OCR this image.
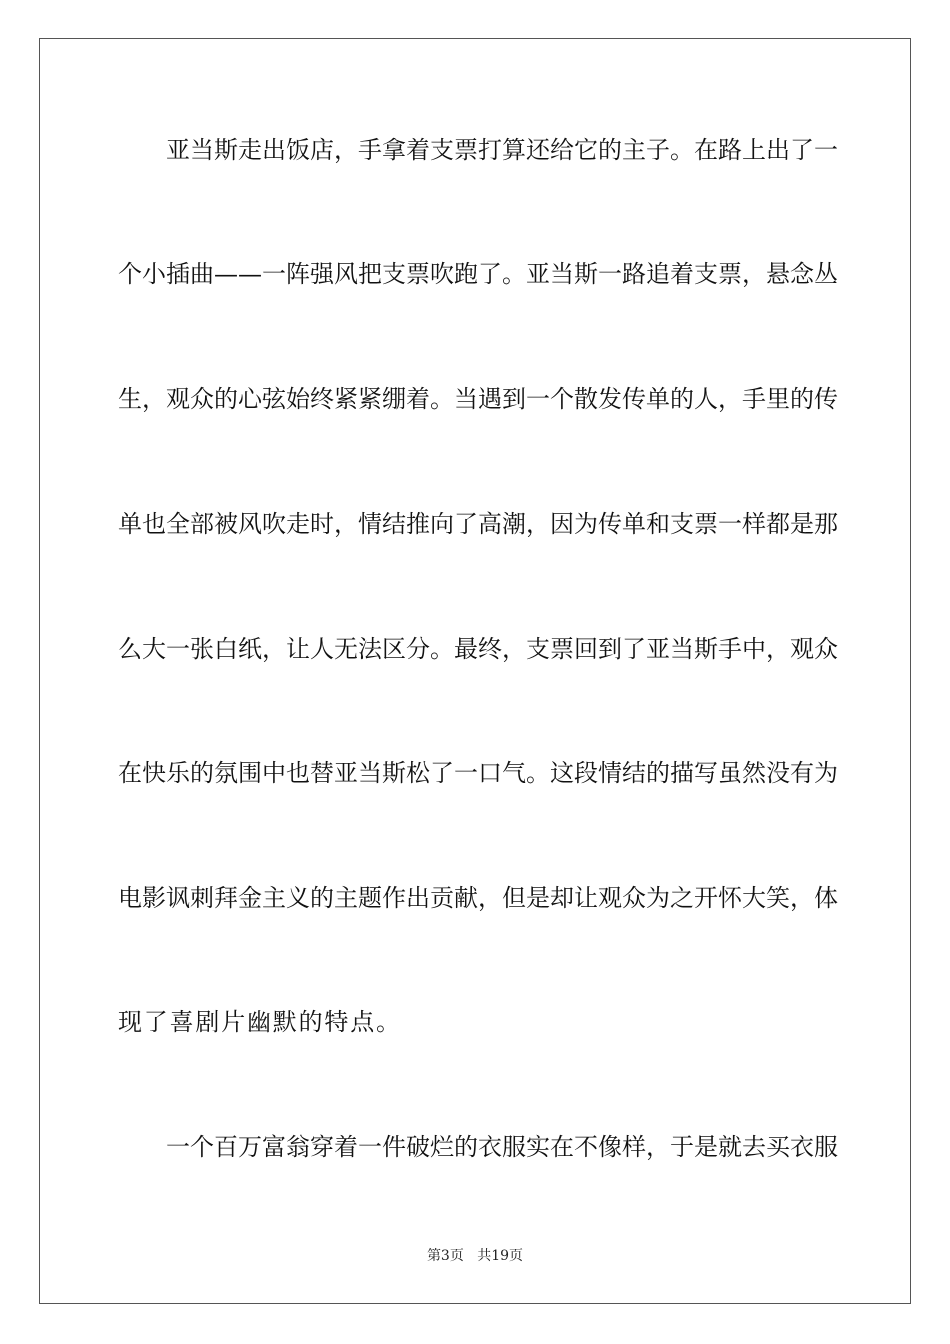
亚当斯走出饭店，手拿着支票打算还给它的主子。在路上出了一
个小插曲——一阵强风把支票吹跑了。亚当斯一路追着支票，悬念丛
生，观众的心弦始终紧紧绷着。当遇到一个散发传单的人，手里的传
单也全部被风吹走时，情结推向了高潮，因为传单和支票一样都是那
么大一张白纸，让人无法区分。最终，支票回到了亚当斯手中，观众
在快乐的氛围中也替亚当斯松了一口气。这段情结的描写虽然没有为
电影讽刺拜金主义的主题作出贡献，但是却让观众为之开怀大笑，体
现了喜剧片幽默的特点。
一个百万富翁穿着一件破烂的衣服实在不像样，于是就去买衣服
第3页 共19页
